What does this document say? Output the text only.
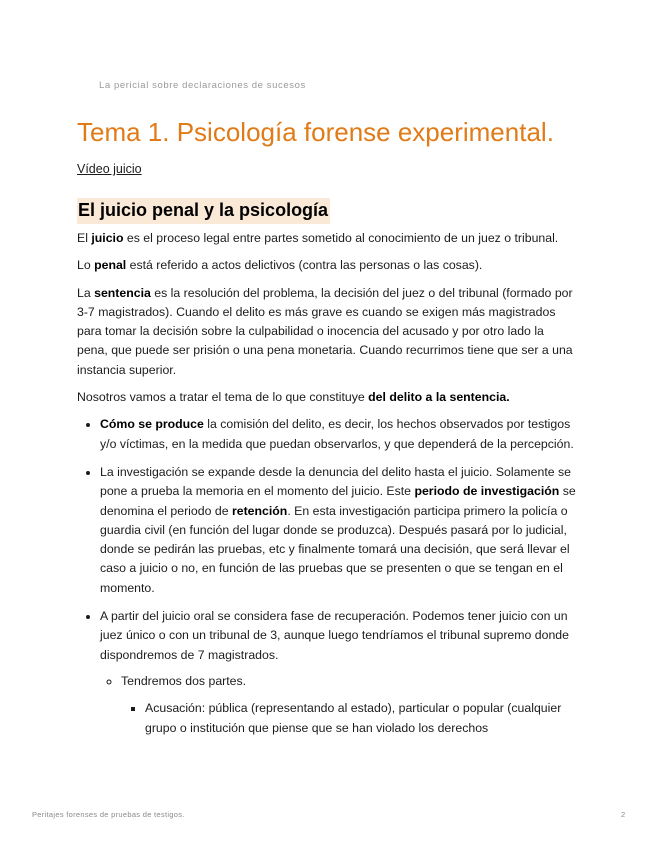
La pericial sobre declaraciones de sucesos
Tema 1. Psicología forense experimental.
Vídeo juicio
El juicio penal y la psicología

El juicio es el proceso legal entre partes sometido al conocimiento de un juez o tribunal.

Lo penal está referido a actos delictivos (contra las personas o las cosas).

La sentencia es la resolución del problema, la decisión del juez o del tribunal (formado por 3-7 magistrados). Cuando el delito es más grave es cuando se exigen más magistrados para tomar la decisión sobre la culpabilidad o inocencia del acusado y por otro lado la pena, que puede ser prisión o una pena monetaria. Cuando recurrimos tiene que ser a una instancia superior.

Nosotros vamos a tratar el tema de lo que constituye del delito a la sentencia.

• Cómo se produce la comisión del delito, es decir, los hechos observados por testigos y/o víctimas, en la medida que puedan observarlos, y que dependerá de la percepción.
• La investigación se expande desde la denuncia del delito hasta el juicio. Solamente se pone a prueba la memoria en el momento del juicio. Este periodo de investigación se denomina el periodo de retención. En esta investigación participa primero la policía o guardia civil (en función del lugar donde se produzca). Después pasará por lo judicial, donde se pedirán las pruebas, etc y finalmente tomará una decisión, que será llevar el caso a juicio o no, en función de las pruebas que se presenten o que se tengan en el momento.
• A partir del juicio oral se considera fase de recuperación. Podemos tener juicio con un juez único o con un tribunal de 3, aunque luego tendríamos el tribunal supremo donde dispondremos de 7 magistrados.
◦ Tendremos dos partes.
▪ Acusación: pública (representando al estado), particular o popular (cualquier grupo o institución que piense que se han violado los derechos
Peritajes forenses de pruebas de testigos.	2
